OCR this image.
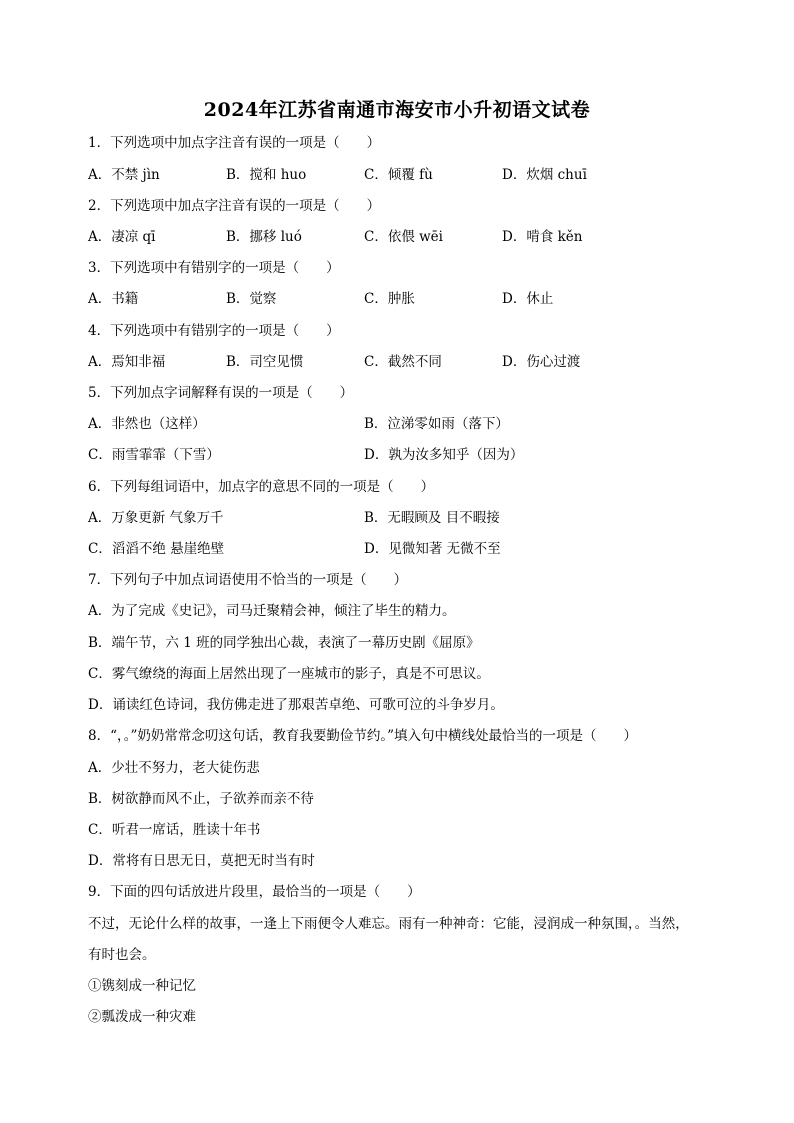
2024年江苏省南通市海安市小升初语文试卷
1．下列选项中加点字注音有误的一项是（　　）
A．不禁 jìn	B．搅和 huo	C．倾覆 fù	D．炊烟 chuī
2．下列选项中加点字注音有误的一项是（　　）
A．凄凉 qī	B．挪移 luó	C．依偎 wēi	D．啃食 kěn
3．下列选项中有错别字的一项是（　　）
A．书籍	B．觉察	C．肿胀	D．休止
4．下列选项中有错别字的一项是（　　）
A．焉知非福	B．司空见惯	C．截然不同	D．伤心过渡
5．下列加点字词解释有误的一项是（　　）
A．非然也（这样）	B．泣涕零如雨（落下）
C．雨雪霏霏（下雪）	D．孰为汝多知乎（因为）
6．下列每组词语中，加点字的意思不同的一项是（　　）
A．万象更新 气象万千	B．无暇顾及 目不暇接
C．滔滔不绝 悬崖绝壁	D．见微知著 无微不至
7．下列句子中加点词语使用不恰当的一项是（　　）
A．为了完成《史记》，司马迁聚精会神，倾注了毕生的精力。
B．端午节，六 1 班的同学独出心裁，表演了一幕历史剧《屈原》
C．雾气缭绕的海面上居然出现了一座城市的影子，真是不可思议。
D．诵读红色诗词，我仿佛走进了那艰苦卓绝、可歌可泣的斗争岁月。
8．“，。”奶奶常常念叨这句话，教育我要勤俭节约。”填入句中横线处最恰当的一项是（　　）
A．少壮不努力，老大徒伤悲
B．树欲静而风不止，子欲养而亲不待
C．听君一席话，胜读十年书
D．常将有日思无日，莫把无时当有时
9．下面的四句话放进片段里，最恰当的一项是（　　）
不过，无论什么样的故事，一逢上下雨便令人难忘。雨有一种神奇：它能，浸润成一种氛围，。当然，
有时也会。
①镌刻成一种记忆
②瓢泼成一种灾难
